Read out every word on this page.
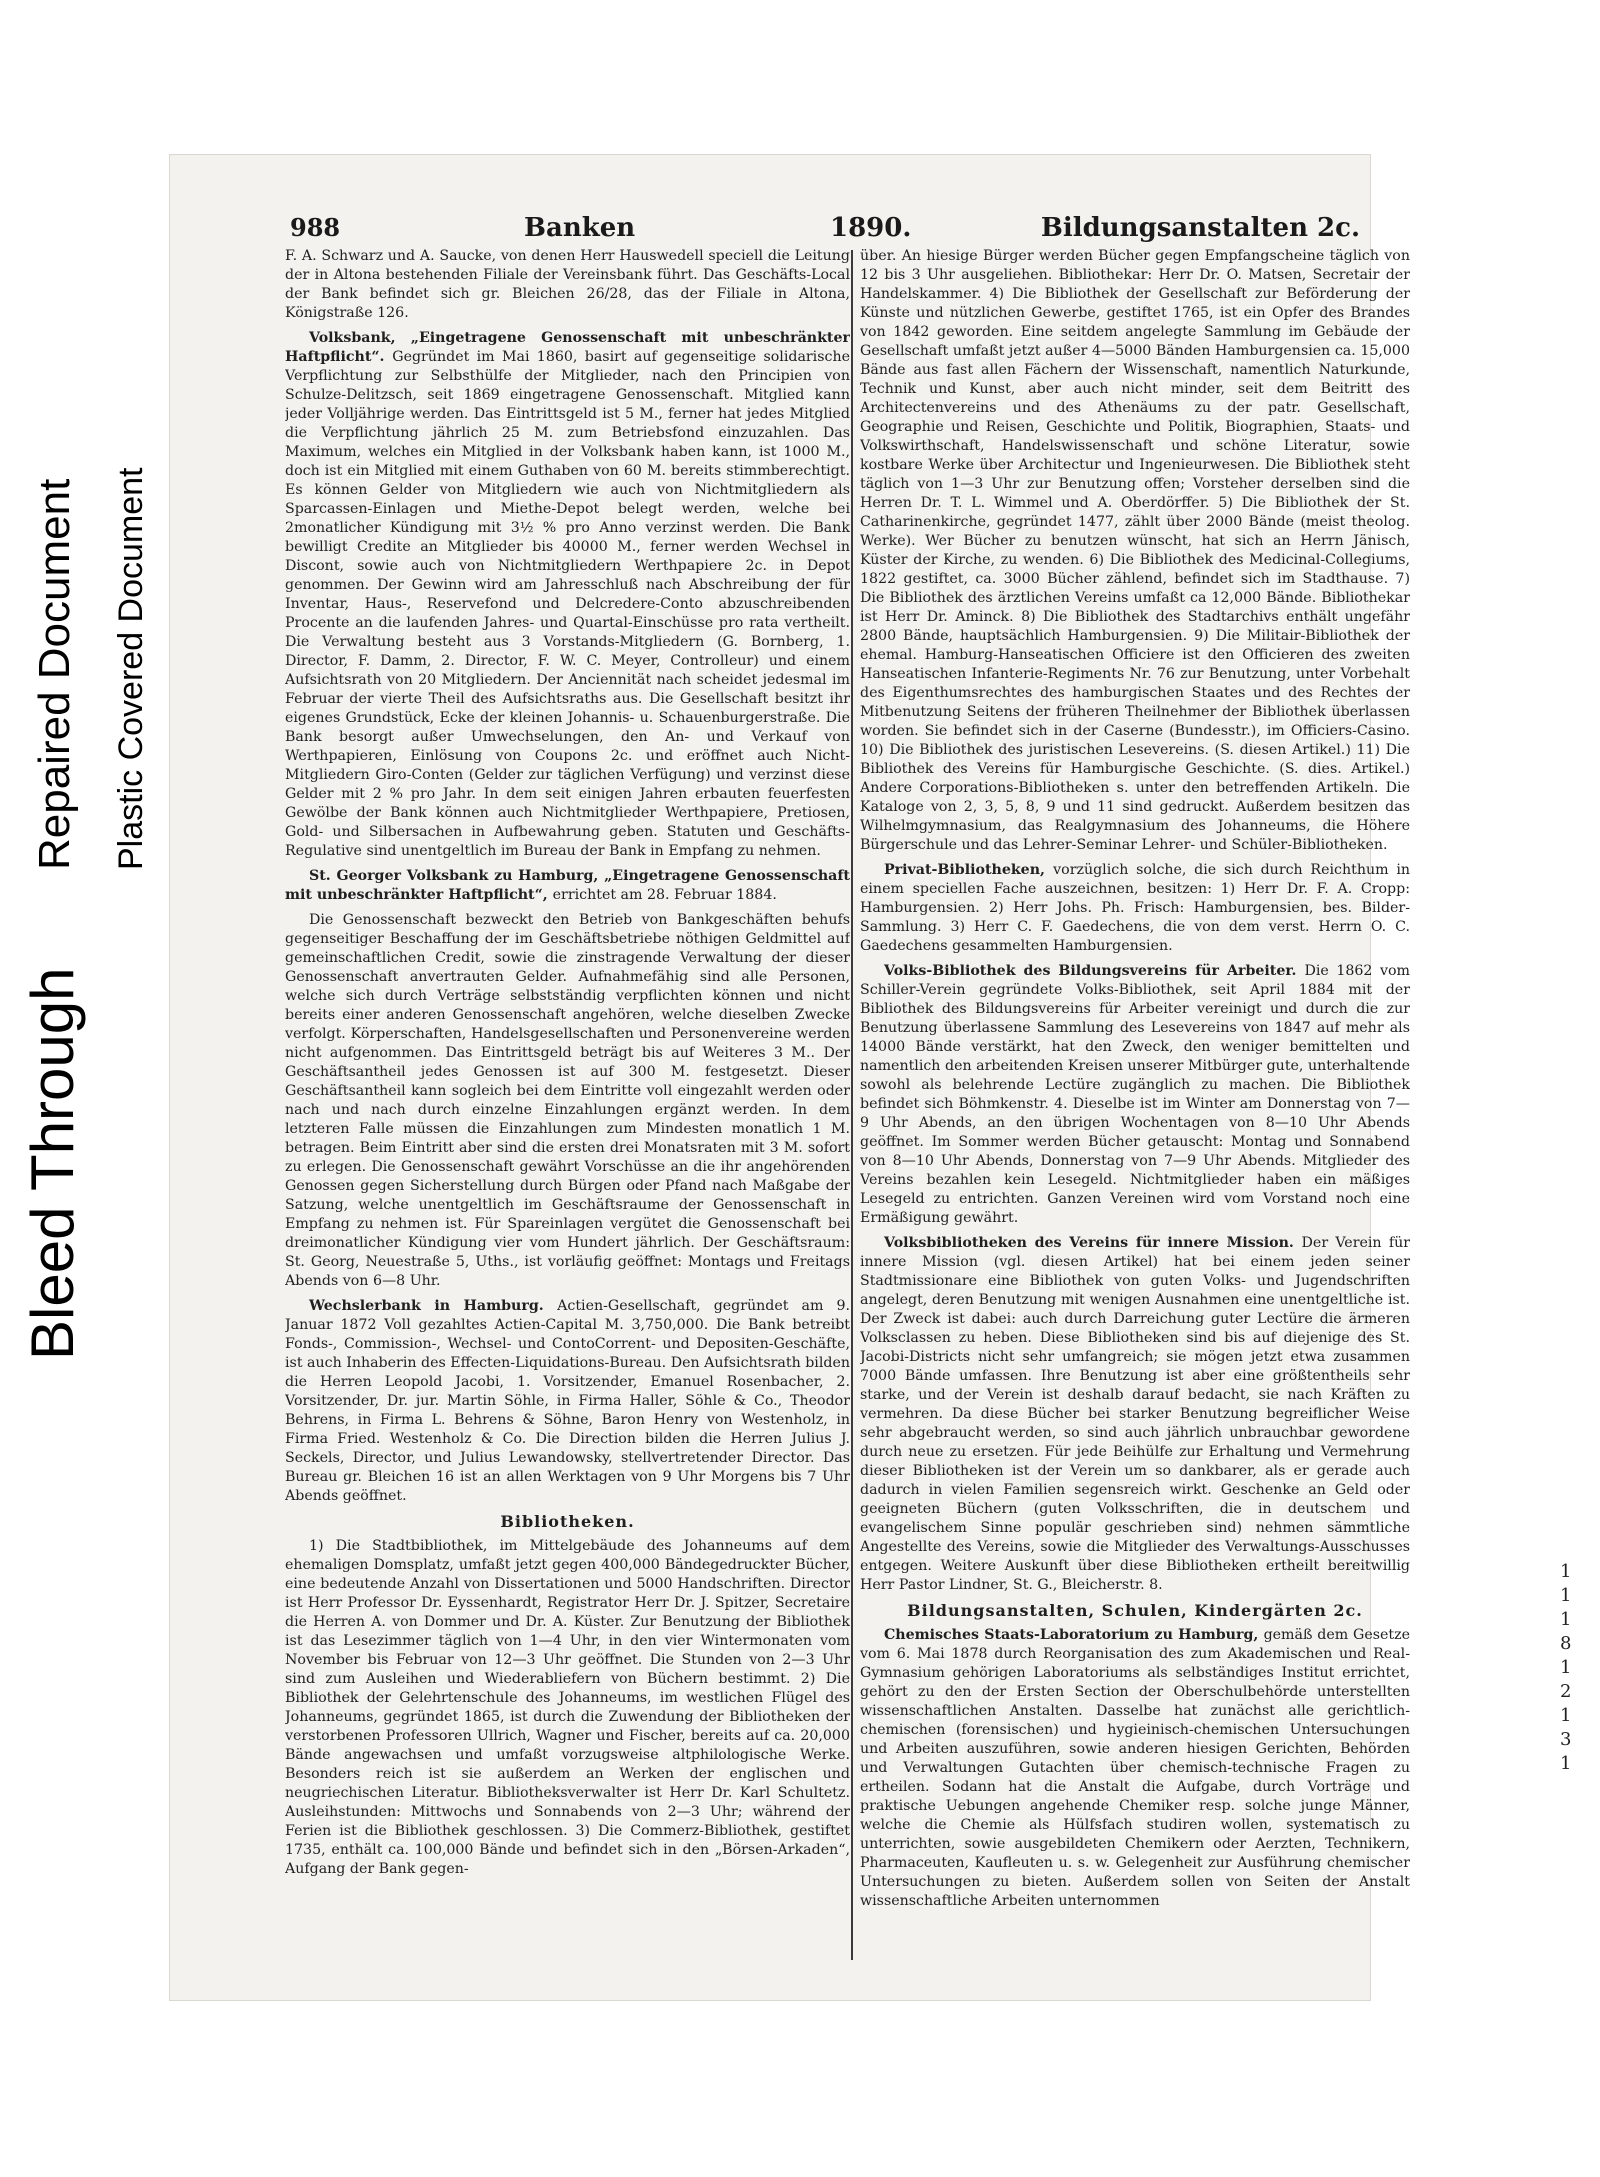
Bleed Through
Repaired Document Plastic Covered Document
988	Banken	1890.	Bildungsanstalten 2c.

F. A. Schwarz und A. Saucke, von denen Herr Hauswedell speciell die Leitung der in Altona bestehenden Filiale der Vereinsbank führt. Das Geschäfts-Local der Bank befindet sich gr. Bleichen 26/28, das der Filiale in Altona, Königstraße 126.

Volksbank, „Eingetragene Genossenschaft mit unbeschränkter Haftpflicht“. Gegründet im Mai 1860, basirt auf gegenseitige solidarische Verpflichtung zur Selbsthülfe der Mitglieder, nach den Principien von Schulze-Delitzsch, seit 1869 eingetragene Genossenschaft. Mitglied kann jeder Volljährige werden. Das Eintrittsgeld ist 5 M., ferner hat jedes Mitglied die Verpflichtung jährlich 25 M. zum Betriebsfond einzuzahlen. Das Maximum, welches ein Mitglied in der Volksbank haben kann, ist 1000 M., doch ist ein Mitglied mit einem Guthaben von 60 M. bereits stimmberechtigt. Es können Gelder von Mitgliedern wie auch von Nichtmitgliedern als Sparcassen-Einlagen und Miethe-Depot belegt werden, welche bei 2monatlicher Kündigung mit 3½ % pro Anno verzinst werden. Die Bank bewilligt Credite an Mitglieder bis 40000 M., ferner werden Wechsel in Discont, sowie auch von Nichtmitgliedern Werthpapiere 2c. in Depot genommen. Der Gewinn wird am Jahresschluß nach Abschreibung der für Inventar, Haus-, Reservefond und Delcredere-Conto abzuschreibenden Procente an die laufenden Jahres- und Quartal-Einschüsse pro rata vertheilt. Die Verwaltung besteht aus 3 Vorstands-Mitgliedern (G. Bornberg, 1. Director, F. Damm, 2. Director, F. W. C. Meyer, Controlleur) und einem Aufsichtsrath von 20 Mitgliedern. Der Anciennität nach scheidet jedesmal im Februar der vierte Theil des Aufsichtsraths aus. Die Gesellschaft besitzt ihr eigenes Grundstück, Ecke der kleinen Johannis- u. Schauenburgerstraße. Die Bank besorgt außer Umwechselungen, den An- und Verkauf von Werthpapieren, Einlösung von Coupons 2c. und eröffnet auch Nicht-Mitgliedern Giro-Conten (Gelder zur täglichen Verfügung) und verzinst diese Gelder mit 2 % pro Jahr. In dem seit einigen Jahren erbauten feuerfesten Gewölbe der Bank können auch Nichtmitglieder Werthpapiere, Pretiosen, Gold- und Silbersachen in Aufbewahrung geben. Statuten und Geschäfts-Regulative sind unentgeltlich im Bureau der Bank in Empfang zu nehmen.

St. Georger Volksbank zu Hamburg, „Eingetragene Genossenschaft mit unbeschränkter Haftpflicht“, errichtet am 28. Februar 1884.

Die Genossenschaft bezweckt den Betrieb von Bankgeschäften behufs gegenseitiger Beschaffung der im Geschäftsbetriebe nöthigen Geldmittel auf gemeinschaftlichen Credit, sowie die zinstragende Verwaltung der dieser Genossenschaft anvertrauten Gelder. Aufnahmefähig sind alle Personen, welche sich durch Verträge selbstständig verpflichten können und nicht bereits einer anderen Genossenschaft angehören, welche dieselben Zwecke verfolgt. Körperschaften, Handelsgesellschaften und Personenvereine werden nicht aufgenommen. Das Eintrittsgeld beträgt bis auf Weiteres 3 M.. Der Geschäftsantheil jedes Genossen ist auf 300 M. festgesetzt. Dieser Geschäftsantheil kann sogleich bei dem Eintritte voll eingezahlt werden oder nach und nach durch einzelne Einzahlungen ergänzt werden. In dem letzteren Falle müssen die Einzahlungen zum Mindesten monatlich 1 M. betragen. Beim Eintritt aber sind die ersten drei Monatsraten mit 3 M. sofort zu erlegen. Die Genossenschaft gewährt Vorschüsse an die ihr angehörenden Genossen gegen Sicherstellung durch Bürgen oder Pfand nach Maßgabe der Satzung, welche unentgeltlich im Geschäftsraume der Genossenschaft in Empfang zu nehmen ist. Für Spareinlagen vergütet die Genossenschaft bei dreimonatlicher Kündigung vier vom Hundert jährlich. Der Geschäftsraum: St. Georg, Neuestraße 5, Uths., ist vorläufig geöffnet: Montags und Freitags Abends von 6—8 Uhr.

Wechslerbank in Hamburg. Actien-Gesellschaft, gegründet am 9. Januar 1872 Voll gezahltes Actien-Capital M. 3,750,000. Die Bank betreibt Fonds-, Commission-, Wechsel- und ContoCorrent- und Depositen-Geschäfte, ist auch Inhaberin des Effecten-Liquidations-Bureau. Den Aufsichtsrath bilden die Herren Leopold Jacobi, 1. Vorsitzender, Emanuel Rosenbacher, 2. Vorsitzender, Dr. jur. Martin Söhle, in Firma Haller, Söhle & Co., Theodor Behrens, in Firma L. Behrens & Söhne, Baron Henry von Westenholz, in Firma Fried. Westenholz & Co. Die Direction bilden die Herren Julius J. Seckels, Director, und Julius Lewandowsky, stellvertretender Director. Das Bureau gr. Bleichen 16 ist an allen Werktagen von 9 Uhr Morgens bis 7 Uhr Abends geöffnet.

Bibliotheken.

1) Die Stadtbibliothek, im Mittelgebäude des Johanneums auf dem ehemaligen Domsplatz, umfaßt jetzt gegen 400,000 Bändegedruckter Bücher, eine bedeutende Anzahl von Dissertationen und 5000 Handschriften. Director ist Herr Professor Dr. Eyssenhardt, Registrator Herr Dr. J. Spitzer, Secretaire die Herren A. von Dommer und Dr. A. Küster. Zur Benutzung der Bibliothek ist das Lesezimmer täglich von 1—4 Uhr, in den vier Wintermonaten vom November bis Februar von 12—3 Uhr geöffnet. Die Stunden von 2—3 Uhr sind zum Ausleihen und Wiederabliefern von Büchern bestimmt. 2) Die Bibliothek der Gelehrtenschule des Johanneums, im westlichen Flügel des Johanneums, gegründet 1865, ist durch die Zuwendung der Bibliotheken der verstorbenen Professoren Ullrich, Wagner und Fischer, bereits auf ca. 20,000 Bände angewachsen und umfaßt vorzugsweise altphilologische Werke. Besonders reich ist sie außerdem an Werken der englischen und neugriechischen Literatur. Bibliotheksverwalter ist Herr Dr. Karl Schultetz. Ausleihstunden: Mittwochs und Sonnabends von 2—3 Uhr; während der Ferien ist die Bibliothek geschlossen. 3) Die Commerz-Bibliothek, gestiftet 1735, enthält ca. 100,000 Bände und befindet sich in den „Börsen-Arkaden“, Aufgang der Bank gegen-

über. An hiesige Bürger werden Bücher gegen Empfangscheine täglich von 12 bis 3 Uhr ausgeliehen. Bibliothekar: Herr Dr. O. Matsen, Secretair der Handelskammer. 4) Die Bibliothek der Gesellschaft zur Beförderung der Künste und nützlichen Gewerbe, gestiftet 1765, ist ein Opfer des Brandes von 1842 geworden. Eine seitdem angelegte Sammlung im Gebäude der Gesellschaft umfaßt jetzt außer 4—5000 Bänden Hamburgensien ca. 15,000 Bände aus fast allen Fächern der Wissenschaft, namentlich Naturkunde, Technik und Kunst, aber auch nicht minder, seit dem Beitritt des Architectenvereins und des Athenäums zu der patr. Gesellschaft, Geographie und Reisen, Geschichte und Politik, Biographien, Staats- und Volkswirthschaft, Handelswissenschaft und schöne Literatur, sowie kostbare Werke über Architectur und Ingenieurwesen. Die Bibliothek steht täglich von 1—3 Uhr zur Benutzung offen; Vorsteher derselben sind die Herren Dr. T. L. Wimmel und A. Oberdörffer. 5) Die Bibliothek der St. Catharinenkirche, gegründet 1477, zählt über 2000 Bände (meist theolog. Werke). Wer Bücher zu benutzen wünscht, hat sich an Herrn Jänisch, Küster der Kirche, zu wenden. 6) Die Bibliothek des Medicinal-Collegiums, 1822 gestiftet, ca. 3000 Bücher zählend, befindet sich im Stadthause. 7) Die Bibliothek des ärztlichen Vereins umfaßt ca 12,000 Bände. Bibliothekar ist Herr Dr. Aminck. 8) Die Bibliothek des Stadtarchivs enthält ungefähr 2800 Bände, hauptsächlich Hamburgensien. 9) Die Militair-Bibliothek der ehemal. Hamburg-Hanseatischen Officiere ist den Officieren des zweiten Hanseatischen Infanterie-Regiments Nr. 76 zur Benutzung, unter Vorbehalt des Eigenthumsrechtes des hamburgischen Staates und des Rechtes der Mitbenutzung Seitens der früheren Theilnehmer der Bibliothek überlassen worden. Sie befindet sich in der Caserne (Bundesstr.), im Officiers-Casino. 10) Die Bibliothek des juristischen Lesevereins. (S. diesen Artikel.) 11) Die Bibliothek des Vereins für Hamburgische Geschichte. (S. dies. Artikel.) Andere Corporations-Bibliotheken s. unter den betreffenden Artikeln. Die Kataloge von 2, 3, 5, 8, 9 und 11 sind gedruckt. Außerdem besitzen das Wilhelmgymnasium, das Realgymnasium des Johanneums, die Höhere Bürgerschule und das Lehrer-Seminar Lehrer- und Schüler-Bibliotheken.

Privat-Bibliotheken, vorzüglich solche, die sich durch Reichthum in einem speciellen Fache auszeichnen, besitzen: 1) Herr Dr. F. A. Cropp: Hamburgensien. 2) Herr Johs. Ph. Frisch: Hamburgensien, bes. Bilder-Sammlung. 3) Herr C. F. Gaedechens, die von dem verst. Herrn O. C. Gaedechens gesammelten Hamburgensien.

Volks-Bibliothek des Bildungsvereins für Arbeiter. Die 1862 vom Schiller-Verein gegründete Volks-Bibliothek, seit April 1884 mit der Bibliothek des Bildungsvereins für Arbeiter vereinigt und durch die zur Benutzung überlassene Sammlung des Lesevereins von 1847 auf mehr als 14000 Bände verstärkt, hat den Zweck, den weniger bemittelten und namentlich den arbeitenden Kreisen unserer Mitbürger gute, unterhaltende sowohl als belehrende Lectüre zugänglich zu machen. Die Bibliothek befindet sich Böhmkenstr. 4. Dieselbe ist im Winter am Donnerstag von 7—9 Uhr Abends, an den übrigen Wochentagen von 8—10 Uhr Abends geöffnet. Im Sommer werden Bücher getauscht: Montag und Sonnabend von 8—10 Uhr Abends, Donnerstag von 7—9 Uhr Abends. Mitglieder des Vereins bezahlen kein Lesegeld. Nichtmitglieder haben ein mäßiges Lesegeld zu entrichten. Ganzen Vereinen wird vom Vorstand noch eine Ermäßigung gewährt.

Volksbibliotheken des Vereins für innere Mission. Der Verein für innere Mission (vgl. diesen Artikel) hat bei einem jeden seiner Stadtmissionare eine Bibliothek von guten Volks- und Jugendschriften angelegt, deren Benutzung mit wenigen Ausnahmen eine unentgeltliche ist. Der Zweck ist dabei: auch durch Darreichung guter Lectüre die ärmeren Volksclassen zu heben. Diese Bibliotheken sind bis auf diejenige des St. Jacobi-Districts nicht sehr umfangreich; sie mögen jetzt etwa zusammen 7000 Bände umfassen. Ihre Benutzung ist aber eine größtentheils sehr starke, und der Verein ist deshalb darauf bedacht, sie nach Kräften zu vermehren. Da diese Bücher bei starker Benutzung begreiflicher Weise sehr abgebraucht werden, so sind auch jährlich unbrauchbar gewordene durch neue zu ersetzen. Für jede Beihülfe zur Erhaltung und Vermehrung dieser Bibliotheken ist der Verein um so dankbarer, als er gerade auch dadurch in vielen Familien segensreich wirkt. Geschenke an Geld oder geeigneten Büchern (guten Volksschriften, die in deutschem und evangelischem Sinne populär geschrieben sind) nehmen sämmtliche Angestellte des Vereins, sowie die Mitglieder des Verwaltungs-Ausschusses entgegen. Weitere Auskunft über diese Bibliotheken ertheilt bereitwillig Herr Pastor Lindner, St. G., Bleicherstr. 8.

Bildungsanstalten, Schulen, Kindergärten 2c.

Chemisches Staats-Laboratorium zu Hamburg, gemäß dem Gesetze vom 6. Mai 1878 durch Reorganisation des zum Akademischen und Real-Gymnasium gehörigen Laboratoriums als selbständiges Institut errichtet, gehört zu den der Ersten Section der Oberschulbehörde unterstellten wissenschaftlichen Anstalten. Dasselbe hat zunächst alle gerichtlich-chemischen (forensischen) und hygieinisch-chemischen Untersuchungen und Arbeiten auszuführen, sowie anderen hiesigen Gerichten, Behörden und Verwaltungen Gutachten über chemisch-technische Fragen zu ertheilen. Sodann hat die Anstalt die Aufgabe, durch Vorträge und praktische Uebungen angehende Chemiker resp. solche junge Männer, welche die Chemie als Hülfsfach studiren wollen, systematisch zu unterrichten, sowie ausgebildeten Chemikern oder Aerzten, Technikern, Pharmaceuten, Kaufleuten u. s. w. Gelegenheit zur Ausführung chemischer Untersuchungen zu bieten. Außerdem sollen von Seiten der Anstalt wissenschaftliche Arbeiten unternommen

1
1
1
8
1
2
1
3
1
